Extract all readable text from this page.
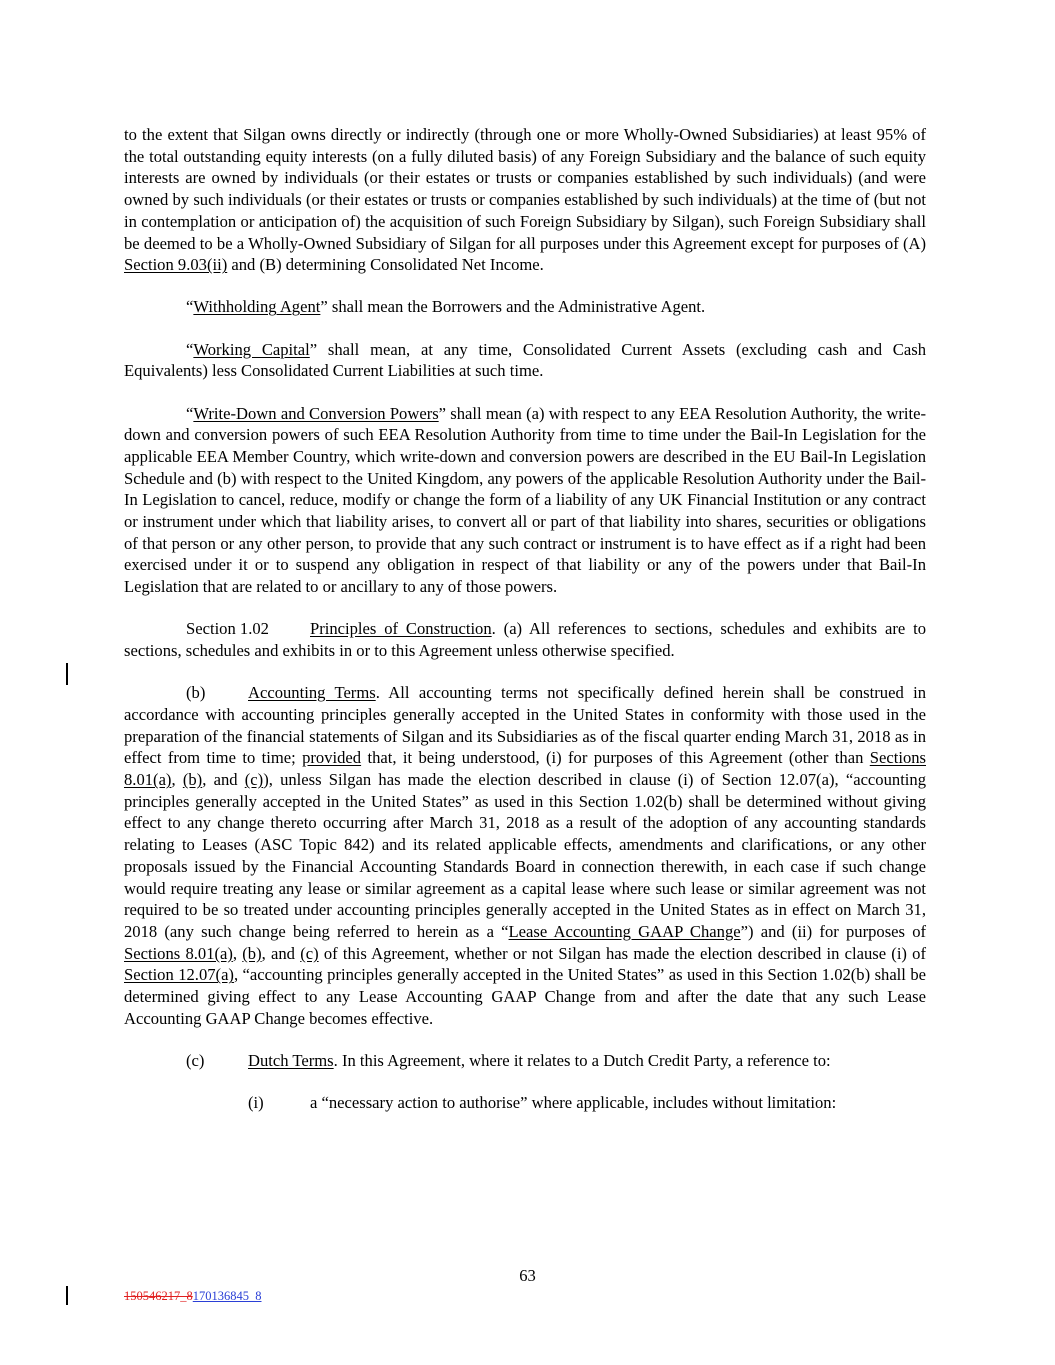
to the extent that Silgan owns directly or indirectly (through one or more Wholly-Owned Subsidiaries) at least 95% of the total outstanding equity interests (on a fully diluted basis) of any Foreign Subsidiary and the balance of such equity interests are owned by individuals (or their estates or trusts or companies established by such individuals) (and were owned by such individuals (or their estates or trusts or companies established by such individuals) at the time of (but not in contemplation or anticipation of) the acquisition of such Foreign Subsidiary by Silgan), such Foreign Subsidiary shall be deemed to be a Wholly-Owned Subsidiary of Silgan for all purposes under this Agreement except for purposes of (A) Section 9.03(ii) and (B) determining Consolidated Net Income.

“Withholding Agent” shall mean the Borrowers and the Administrative Agent.

“Working Capital” shall mean, at any time, Consolidated Current Assets (excluding cash and Cash Equivalents) less Consolidated Current Liabilities at such time.

“Write-Down and Conversion Powers” shall mean (a) with respect to any EEA Resolution Authority, the write-down and conversion powers of such EEA Resolution Authority from time to time under the Bail-In Legislation for the applicable EEA Member Country, which write-down and conversion powers are described in the EU Bail-In Legislation Schedule and (b) with respect to the United Kingdom, any powers of the applicable Resolution Authority under the Bail-In Legislation to cancel, reduce, modify or change the form of a liability of any UK Financial Institution or any contract or instrument under which that liability arises, to convert all or part of that liability into shares, securities or obligations of that person or any other person, to provide that any such contract or instrument is to have effect as if a right had been exercised under it or to suspend any obligation in respect of that liability or any of the powers under that Bail-In Legislation that are related to or ancillary to any of those powers.

Section 1.02 Principles of Construction. (a) All references to sections, schedules and exhibits are to sections, schedules and exhibits in or to this Agreement unless otherwise specified.

(b)	Accounting Terms. All accounting terms not specifically defined herein shall be construed in accordance with accounting principles generally accepted in the United States in conformity with those used in the preparation of the financial statements of Silgan and its Subsidiaries as of the fiscal quarter ending March 31, 2018 as in effect from time to time; provided that, it being understood, (i) for purposes of this Agreement (other than Sections 8.01(a), (b), and (c)), unless Silgan has made the election described in clause (i) of Section 12.07(a), “accounting principles generally accepted in the United States” as used in this Section 1.02(b) shall be determined without giving effect to any change thereto occurring after March 31, 2018 as a result of the adoption of any accounting standards relating to Leases (ASC Topic 842) and its related applicable effects, amendments and clarifications, or any other proposals issued by the Financial Accounting Standards Board in connection therewith, in each case if such change would require treating any lease or similar agreement as a capital lease where such lease or similar agreement was not required to be so treated under accounting principles generally accepted in the United States as in effect on March 31, 2018 (any such change being referred to herein as a “Lease Accounting GAAP Change”) and (ii) for purposes of Sections 8.01(a), (b), and (c) of this Agreement, whether or not Silgan has made the election described in clause (i) of Section 12.07(a), “accounting principles generally accepted in the United States” as used in this Section 1.02(b) shall be determined giving effect to any Lease Accounting GAAP Change from and after the date that any such Lease Accounting GAAP Change becomes effective.

(c)	Dutch Terms. In this Agreement, where it relates to a Dutch Credit Party, a reference to:

(i)	a “necessary action to authorise” where applicable, includes without limitation:

63
150546217_8170136845_8
